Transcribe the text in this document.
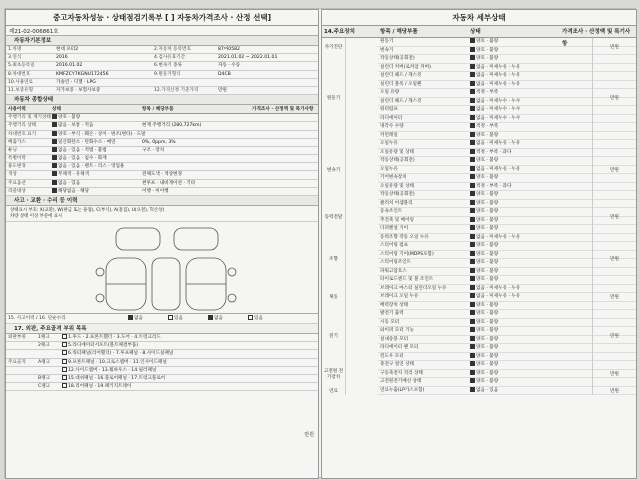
중고자동차성능 · 상태점검기록부 [ ] 자동차가격조사 · 산정 선택]
제21-02-006861호
자동차기본정보
1.차명	현대 포터2	2.자동차 등록번호	87마0582
3.연식	2016	4.검사유효기간	2021.01.02 ~ 2022.01.01
5.최초등록일	2016.01.02	6.변속기 종류	자동 · 수동
8.차대번호	KMFZCY7KGNU172456	9.원동기형식	D4CB
10.사용연료	가솔린 · 디젤 · LPG
11.보증유형	자가보증 · 보험사보증	12.가격산정 기준가격	만원
자동차 종합상태
사용이력	상태	항목 / 해당부품	가격조사 · 산정액 및 특기사항
주행거리 및 계기상태	양호 · 불량
주행거리 상태	많음 · 보통 · 적음	현재 주행거리 (280,727km)
차대번호 표기	양호 · 부식 · 훼손 · 상이 · 변조(변타) · 도말
배출가스	일산화탄소 · 탄화수소 · 매연	0%, 0ppm, 3%
튜닝	없음 · 있음 · 적법 · 불법	구조 · 장치
특별이력	없음 · 있음 · 침수 · 화재
용도변경	없음 · 있음 · 렌트 · 리스 · 영업용
색상	무채색 · 유채색	전체도색 · 색상변경
주요옵션	없음 · 있음	썬루프 · 내비게이션 · 기타
리콜대상	해당없음 · 해당	이행 · 미이행
사고 · 교환 · 수리 등 이력
상태표시 부호: X(교환), W(판금 또는 용접), C(부식), A(흠집), U(요철), T(손상)
차량 상태 이상 부분에 표시
15. 사고이력 / 16. 단순수리	없음	있음	없음	있음
17. 외판, 주요골격 부위 목록
외판부위	1랭크	1.후드 · 2.프론트휀더 · 3.도어 · 4.트렁크리드
2랭크	5.라디에이터서포트(볼트체결부품)
6.쿼터패널(리어휀더) · 7.루프패널 · 8.사이드실패널
주요골격	A랭크	9.프론트패널 · 10.크로스멤버 · 11.인사이드패널
12.사이드멤버 · 13.휠하우스 · 14.필러패널
B랭크	15.대쉬패널 · 16.플로어패널 · 17.트렁크플로어
C랭크	18.리어패널 · 19.패키지트레이
만원
자동차 세부상태
14.주요장치	항목 / 해당부품	상태	가격조사 · 산정액 및 특기사항
자기진단
원동기	양호 · 불량
변속기	양호 · 불량
만원
원동기
작동상태(공회전)	양호 · 불량
실린더 커버(로커암 커버)	없음 · 미세누유 · 누유
실린더 헤드 / 개스킷	없음 · 미세누유 · 누유
실린더 블록 / 오일팬	없음 · 미세누유 · 누유
오일 유량	적정 · 부족
실린더 헤드 / 개스킷	없음 · 미세누수 · 누수
워터펌프	없음 · 미세누수 · 누수
라디에이터	없음 · 미세누수 · 누수
냉각수 수량	적정 · 부족
커먼레일	양호 · 불량
만원
변속기
오일누유	없음 · 미세누유 · 누유
오일유량 및 상태	적정 · 부족 · 과다
작동상태(공회전)	양호 · 불량
오일누유	없음 · 미세누유 · 누유
기어변속장치	양호 · 불량
오일유량 및 상태	적정 · 부족 · 과다
작동상태(공회전)	양호 · 불량
만원
동력전달
클러치 어셈블리	양호 · 불량
등속조인트	양호 · 불량
추진축 및 베어링	양호 · 불량
디퍼렌셜 기어	양호 · 불량
만원
조향
동력조향 작동 오일 누유	없음 · 미세누유 · 누유
스티어링 펌프	양호 · 불량
스티어링 기어(MDPS포함)	양호 · 불량
스티어링조인트	양호 · 불량
파워고압호스	양호 · 불량
타이로드엔드 및 볼 조인트	양호 · 불량
만원
제동
브레이크 마스터 실린더오일 누유	없음 · 미세누유 · 누유
브레이크 오일 누유	없음 · 미세누유 · 누유
배력장치 상태	양호 · 불량
만원
전기
발전기 출력	양호 · 불량
시동 모터	양호 · 불량
와이퍼 모터 기능	양호 · 불량
실내송풍 모터	양호 · 불량
라디에이터 팬 모터	양호 · 불량
윈도우 모터	양호 · 불량
만원
고전원 전기장치
충전구 절연 상태	양호 · 불량
구동축전지 격리 상태	양호 · 불량
고전원전기배선 상태	양호 · 불량
만원
연료	연료누출(LP가스포함)	없음 · 있음	만원
